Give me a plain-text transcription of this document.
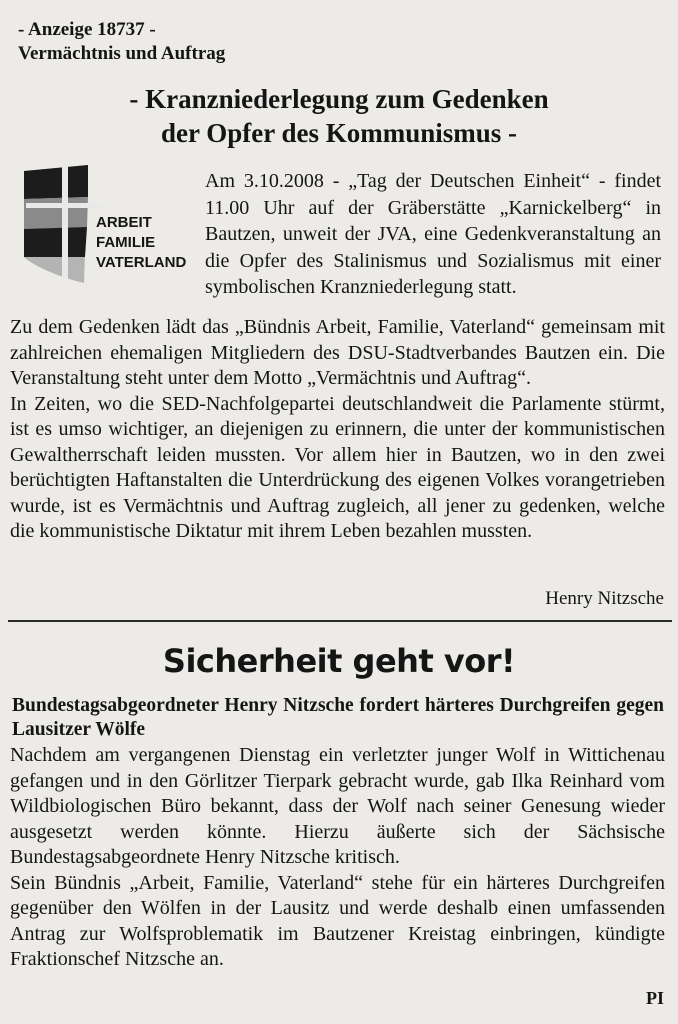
- Anzeige 18737 -
Vermächtnis und Auftrag
- Kranzniederlegung zum Gedenken
der Opfer des Kommunismus -
ARBEIT
FAMILIE
VATERLAND

Am 3.10.2008 - „Tag der Deutschen Einheit“ - findet 11.00 Uhr auf der Gräberstätte „Karnickelberg“ in Bautzen, unweit der JVA, eine Gedenkveranstaltung an die Opfer des Stalinismus und Sozialismus mit einer symbolischen Kranzniederlegung statt.

Zu dem Gedenken lädt das „Bündnis Arbeit, Familie, Vaterland“ gemeinsam mit zahlreichen ehemaligen Mitgliedern des DSU-Stadtverbandes Bautzen ein. Die Veranstaltung steht unter dem Motto „Vermächtnis und Auftrag“.

In Zeiten, wo die SED-Nachfolgepartei deutschlandweit die Parlamente stürmt, ist es umso wichtiger, an diejenigen zu erinnern, die unter der kommunistischen Gewaltherrschaft leiden mussten. Vor allem hier in Bautzen, wo in den zwei berüchtigten Haftanstalten die Unterdrückung des eigenen Volkes vorangetrieben wurde, ist es Vermächtnis und Auftrag zugleich, all jener zu gedenken, welche die kommunistische Diktatur mit ihrem Leben bezahlen mussten.

Henry Nitzsche
Sicherheit geht vor!
Bundestagsabgeordneter Henry Nitzsche fordert härteres Durchgreifen gegen Lausitzer Wölfe

Nachdem am vergangenen Dienstag ein verletzter junger Wolf in Wittichenau gefangen und in den Görlitzer Tierpark gebracht wurde, gab Ilka Reinhard vom Wildbiologischen Büro bekannt, dass der Wolf nach seiner Genesung wieder ausgesetzt werden könnte. Hierzu äußerte sich der Sächsische Bundestagsabgeordnete Henry Nitzsche kritisch.

Sein Bündnis „Arbeit, Familie, Vaterland“ stehe für ein härteres Durchgreifen gegenüber den Wölfen in der Lausitz und werde deshalb einen umfassenden Antrag zur Wolfsproblematik im Bautzener Kreistag einbringen, kündigte Fraktionschef Nitzsche an.

PI
